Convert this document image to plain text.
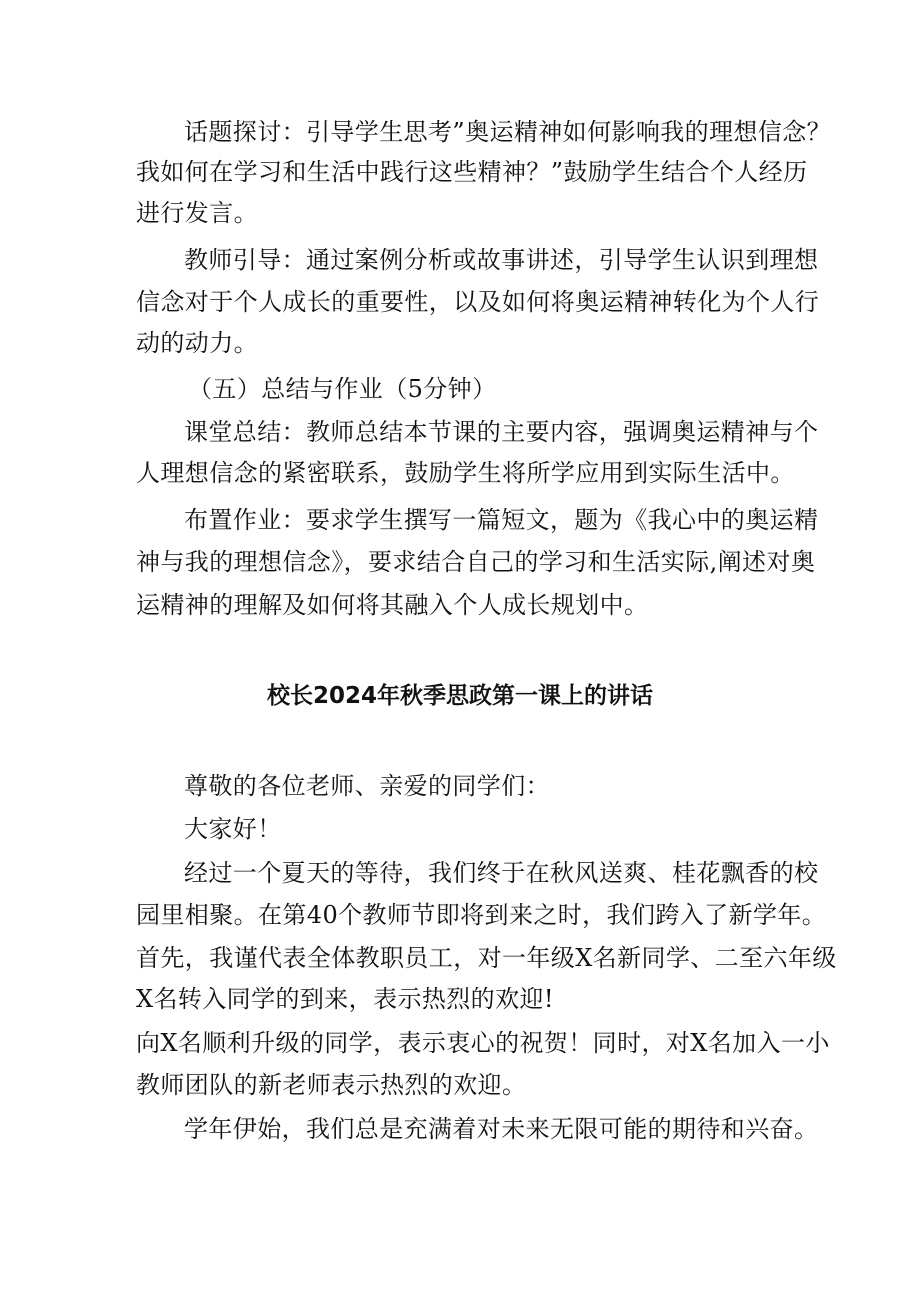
话题探讨：引导学生思考”奥运精神如何影响我的理想信念？
我如何在学习和生活中践行这些精神？”鼓励学生结合个人经历
进行发言。
教师引导：通过案例分析或故事讲述，引导学生认识到理想
信念对于个人成长的重要性，以及如何将奥运精神转化为个人行
动的动力。
（五）总结与作业（5分钟）
课堂总结：教师总结本节课的主要内容，强调奥运精神与个
人理想信念的紧密联系，鼓励学生将所学应用到实际生活中。
布置作业：要求学生撰写一篇短文，题为《我心中的奥运精
神与我的理想信念》，要求结合自己的学习和生活实际,阐述对奥
运精神的理解及如何将其融入个人成长规划中。
校长2024年秋季思政第一课上的讲话
尊敬的各位老师、亲爱的同学们：
大家好！
经过一个夏天的等待，我们终于在秋风送爽、桂花飘香的校
园里相聚。在第40个教师节即将到来之时，我们跨入了新学年。
首先，我谨代表全体教职员工，对一年级X名新同学、二至六年级
X名转入同学的到来，表示热烈的欢迎!
向X名顺利升级的同学，表示衷心的祝贺！同时，对X名加入一小
教师团队的新老师表示热烈的欢迎。
学年伊始，我们总是充满着对未来无限可能的期待和兴奋。
